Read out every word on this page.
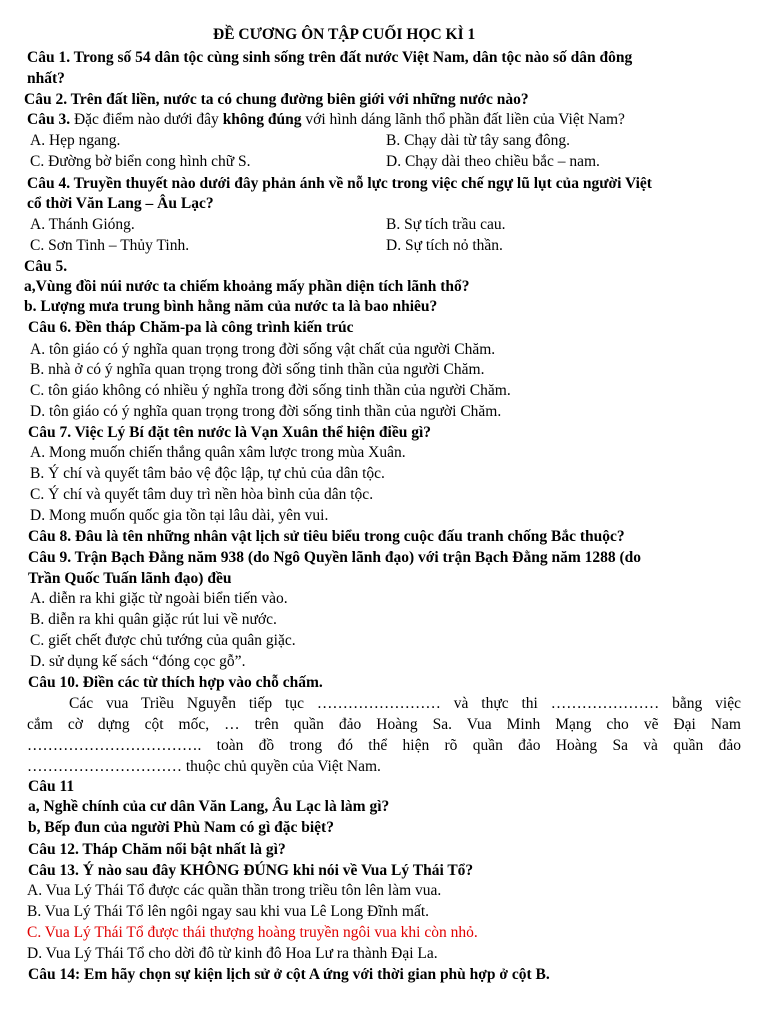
ĐỀ CƯƠNG ÔN TẬP CUỐI HỌC KÌ 1
Câu 1. Trong số 54 dân tộc cùng sinh sống trên đất nước Việt Nam, dân tộc nào số dân đông
nhất?
Câu 2. Trên đất liền, nước ta có chung đường biên giới với những nước nào?
Câu 3. Đặc điểm nào dưới đây không đúng với hình dáng lãnh thổ phần đất liền của Việt Nam?
A. Hẹp ngang.	B. Chạy dài từ tây sang đông.
C. Đường bờ biển cong hình chữ S.	D. Chạy dài theo chiều bắc – nam.
Câu 4. Truyền thuyết nào dưới đây phản ánh về nỗ lực trong việc chế ngự lũ lụt của người Việt
cổ thời Văn Lang – Âu Lạc?
A. Thánh Gióng.	B. Sự tích trầu cau.
C. Sơn Tinh – Thủy Tinh.	D. Sự tích nỏ thần.
Câu 5.
a,Vùng đồi núi nước ta chiếm khoảng mấy phần diện tích lãnh thổ?
b. Lượng mưa trung bình hằng năm của nước ta là bao nhiêu?
Câu 6. Đền tháp Chăm-pa là công trình kiến trúc
A. tôn giáo có ý nghĩa quan trọng trong đời sống vật chất của người Chăm.
B. nhà ở có ý nghĩa quan trọng trong đời sống tinh thần của người Chăm.
C. tôn giáo không có nhiều ý nghĩa trong đời sống tinh thần của người Chăm.
D. tôn giáo có ý nghĩa quan trọng trong đời sống tinh thần của người Chăm.
Câu 7. Việc Lý Bí đặt tên nước là Vạn Xuân thể hiện điều gì?
A. Mong muốn chiến thắng quân xâm lược trong mùa Xuân.
B. Ý chí và quyết tâm bảo vệ độc lập, tự chủ của dân tộc.
C. Ý chí và quyết tâm duy trì nền hòa bình của dân tộc.
D. Mong muốn quốc gia tồn tại lâu dài, yên vui.
Câu 8. Đâu là tên những nhân vật lịch sử tiêu biểu trong cuộc đấu tranh chống Bắc thuộc?
Câu 9. Trận Bạch Đằng năm 938 (do Ngô Quyền lãnh đạo) với trận Bạch Đằng năm 1288 (do
Trần Quốc Tuấn lãnh đạo) đều
A. diễn ra khi giặc từ ngoài biển tiến vào.
B. diễn ra khi quân giặc rút lui về nước.
C. giết chết được chủ tướng của quân giặc.
D. sử dụng kế sách “đóng cọc gỗ”.
Câu 10. Điền các từ thích hợp vào chỗ chấm.
Các vua Triều Nguyễn tiếp tục …………………… và thực thi ………………… bằng việc
cắm cờ dựng cột mốc, … trên quần đảo Hoàng Sa. Vua Minh Mạng cho vẽ Đại Nam
……………………………. toàn đồ trong đó thể hiện rõ quần đảo Hoàng Sa và quần đảo
………………………… thuộc chủ quyền của Việt Nam.
Câu 11
a, Nghề chính của cư dân Văn Lang, Âu Lạc là làm gì?
b, Bếp đun của người Phù Nam có gì đặc biệt?
Câu 12. Tháp Chăm nổi bật nhất là gì?
Câu 13. Ý nào sau đây KHÔNG ĐÚNG khi nói về Vua Lý Thái Tổ?
A. Vua Lý Thái Tổ được các quần thần trong triều tôn lên làm vua.
B. Vua Lý Thái Tổ lên ngôi ngay sau khi vua Lê Long Đĩnh mất.
C. Vua Lý Thái Tổ được thái thượng hoàng truyền ngôi vua khi còn nhỏ.
D. Vua Lý Thái Tổ cho dời đô từ kinh đô Hoa Lư ra thành Đại La.
Câu 14: Em hãy chọn sự kiện lịch sử ở cột A ứng với thời gian phù hợp ở cột B.
